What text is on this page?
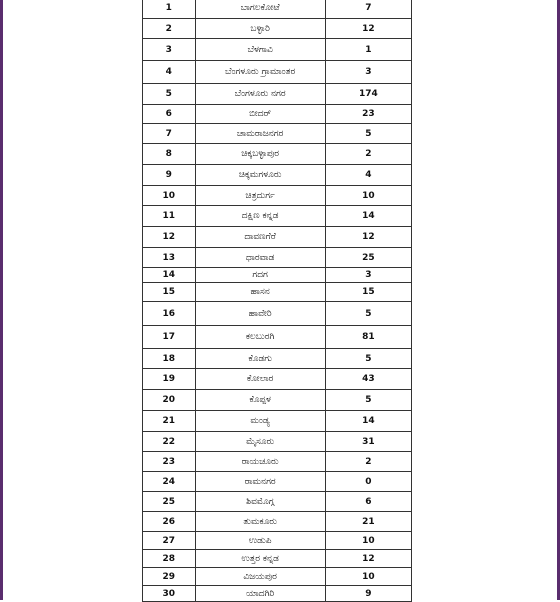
1	ಬಾಗಲಕೋಟೆ	7
2	ಬಳ್ಳಾರಿ	12
3	ಬೆಳಗಾವಿ	1
4	ಬೆಂಗಳೂರು ಗ್ರಾಮಾಂತರ	3
5	ಬೆಂಗಳೂರು ನಗರ	174
6	ಬೀದರ್	23
7	ಚಾಮರಾಜನಗರ	5
8	ಚಿಕ್ಕಬಳ್ಳಾಪುರ	2
9	ಚಿಕ್ಕಮಗಳೂರು	4
10	ಚಿತ್ರದುರ್ಗ	10
11	ದಕ್ಷಿಣ ಕನ್ನಡ	14
12	ದಾವಣಗೆರೆ	12
13	ಧಾರವಾಡ	25
14	ಗದಗ	3
15	ಹಾಸನ	15
16	ಹಾವೇರಿ	5
17	ಕಲಬುರಗಿ	81
18	ಕೊಡಗು	5
19	ಕೋಲಾರ	43
20	ಕೊಪ್ಪಳ	5
21	ಮಂಡ್ಯ	14
22	ಮೈಸೂರು	31
23	ರಾಯಚೂರು	2
24	ರಾಮನಗರ	0
25	ಶಿವಮೊಗ್ಗ	6
26	ತುಮಕೂರು	21
27	ಉಡುಪಿ	10
28	ಉತ್ತರ ಕನ್ನಡ	12
29	ವಿಜಯಪುರ	10
30	ಯಾದಗಿರಿ	9
